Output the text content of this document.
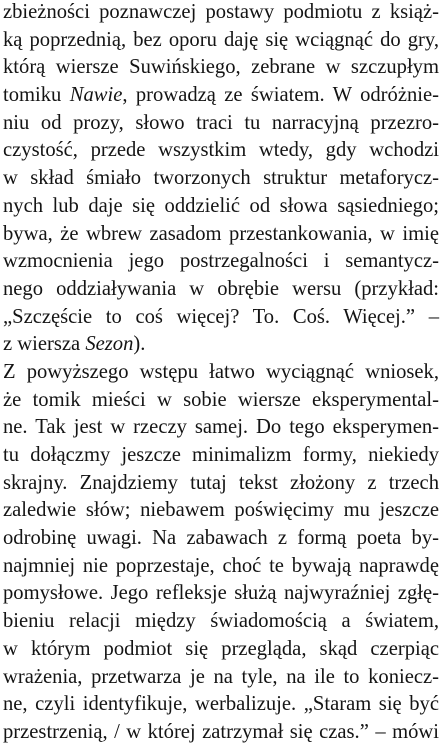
zbieżności poznawczej postawy podmiotu z książ-
ką poprzednią, bez oporu daję się wciągnąć do gry,
którą wiersze Suwińskiego, zebrane w szczupłym
tomiku Nawie, prowadzą ze światem. W odróżnie-
niu od prozy, słowo traci tu narracyjną przezro-
czystość, przede wszystkim wtedy, gdy wchodzi
w skład śmiało tworzonych struktur metaforycz-
nych lub daje się oddzielić od słowa sąsiedniego;
bywa, że wbrew zasadom przestankowania, w imię
wzmocnienia jego postrzegalności i semantycz-
nego oddziaływania w obrębie wersu (przykład:
„Szczęście to coś więcej? To. Coś. Więcej.” –
z wiersza Sezon).
Z powyższego wstępu łatwo wyciągnąć wniosek,
że tomik mieści w sobie wiersze eksperymental-
ne. Tak jest w rzeczy samej. Do tego eksperymen-
tu dołączmy jeszcze minimalizm formy, niekiedy
skrajny. Znajdziemy tutaj tekst złożony z trzech
zaledwie słów; niebawem poświęcimy mu jeszcze
odrobinę uwagi. Na zabawach z formą poeta by-
najmniej nie poprzestaje, choć te bywają naprawdę
pomysłowe. Jego refleksje służą najwyraźniej zgłę-
bieniu relacji między świadomością a światem,
w którym podmiot się przegląda, skąd czerpiąc
wrażenia, przetwarza je na tyle, na ile to koniecz-
ne, czyli identyfikuje, werbalizuje. „Staram się być
przestrzenią, / w której zatrzymał się czas.” – mówi
